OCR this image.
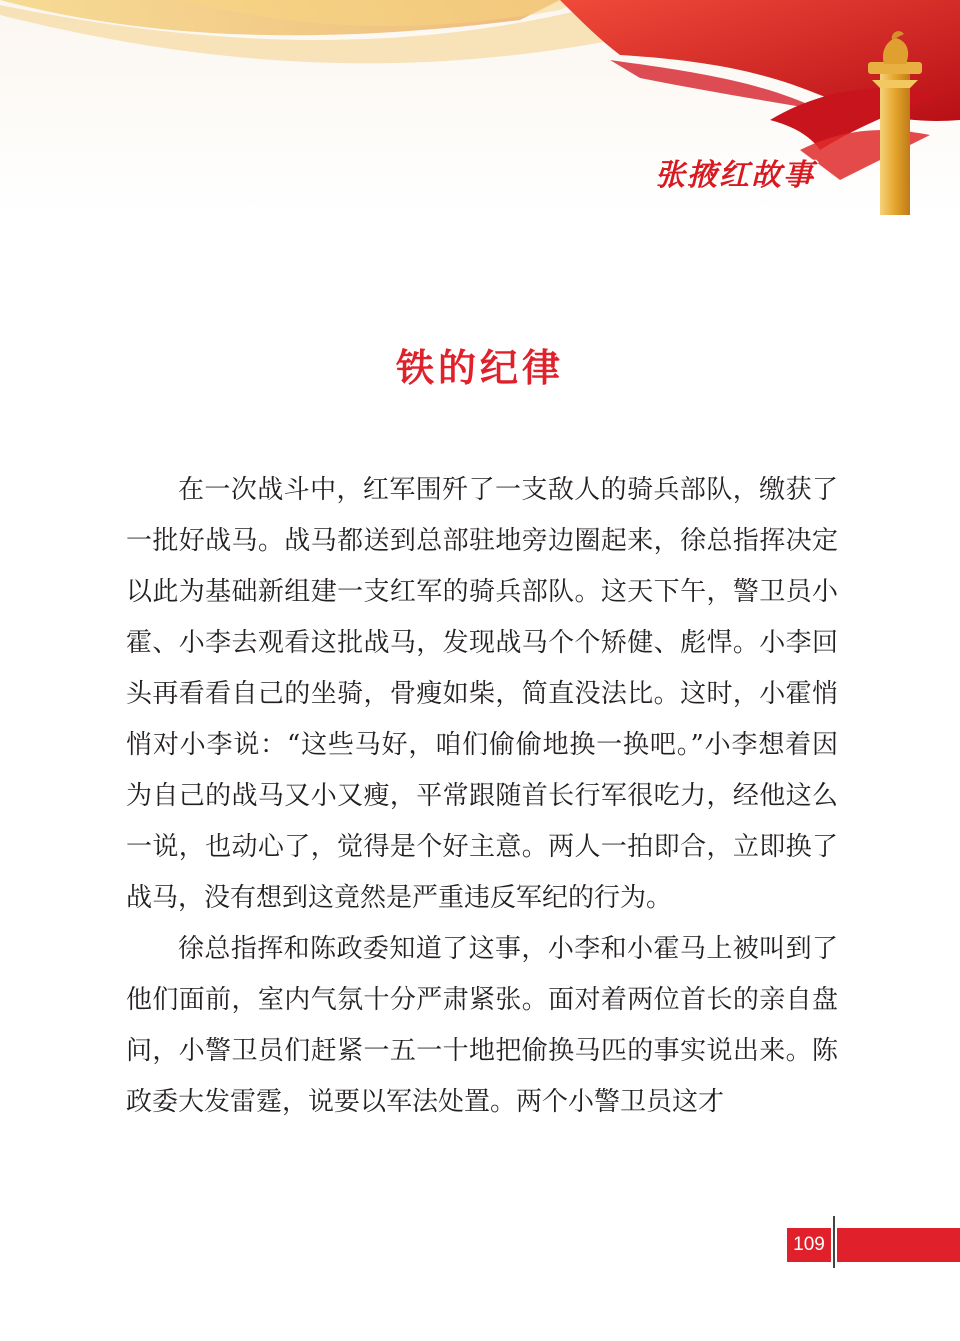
张掖红故事
铁的纪律

在一次战斗中，红军围歼了一支敌人的骑兵部队，缴获了一批好战马。战马都送到总部驻地旁边圈起来，徐总指挥决定以此为基础新组建一支红军的骑兵部队。这天下午，警卫员小霍、小李去观看这批战马，发现战马个个矫健、彪悍。小李回头再看看自己的坐骑，骨瘦如柴，简直没法比。这时，小霍悄悄对小李说：“这些马好，咱们偷偷地换一换吧。”小李想着因为自己的战马又小又瘦，平常跟随首长行军很吃力，经他这么一说，也动心了，觉得是个好主意。两人一拍即合，立即换了战马，没有想到这竟然是严重违反军纪的行为。

徐总指挥和陈政委知道了这事，小李和小霍马上被叫到了他们面前，室内气氛十分严肃紧张。面对着两位首长的亲自盘问，小警卫员们赶紧一五一十地把偷换马匹的事实说出来。陈政委大发雷霆，说要以军法处置。两个小警卫员这才

109
